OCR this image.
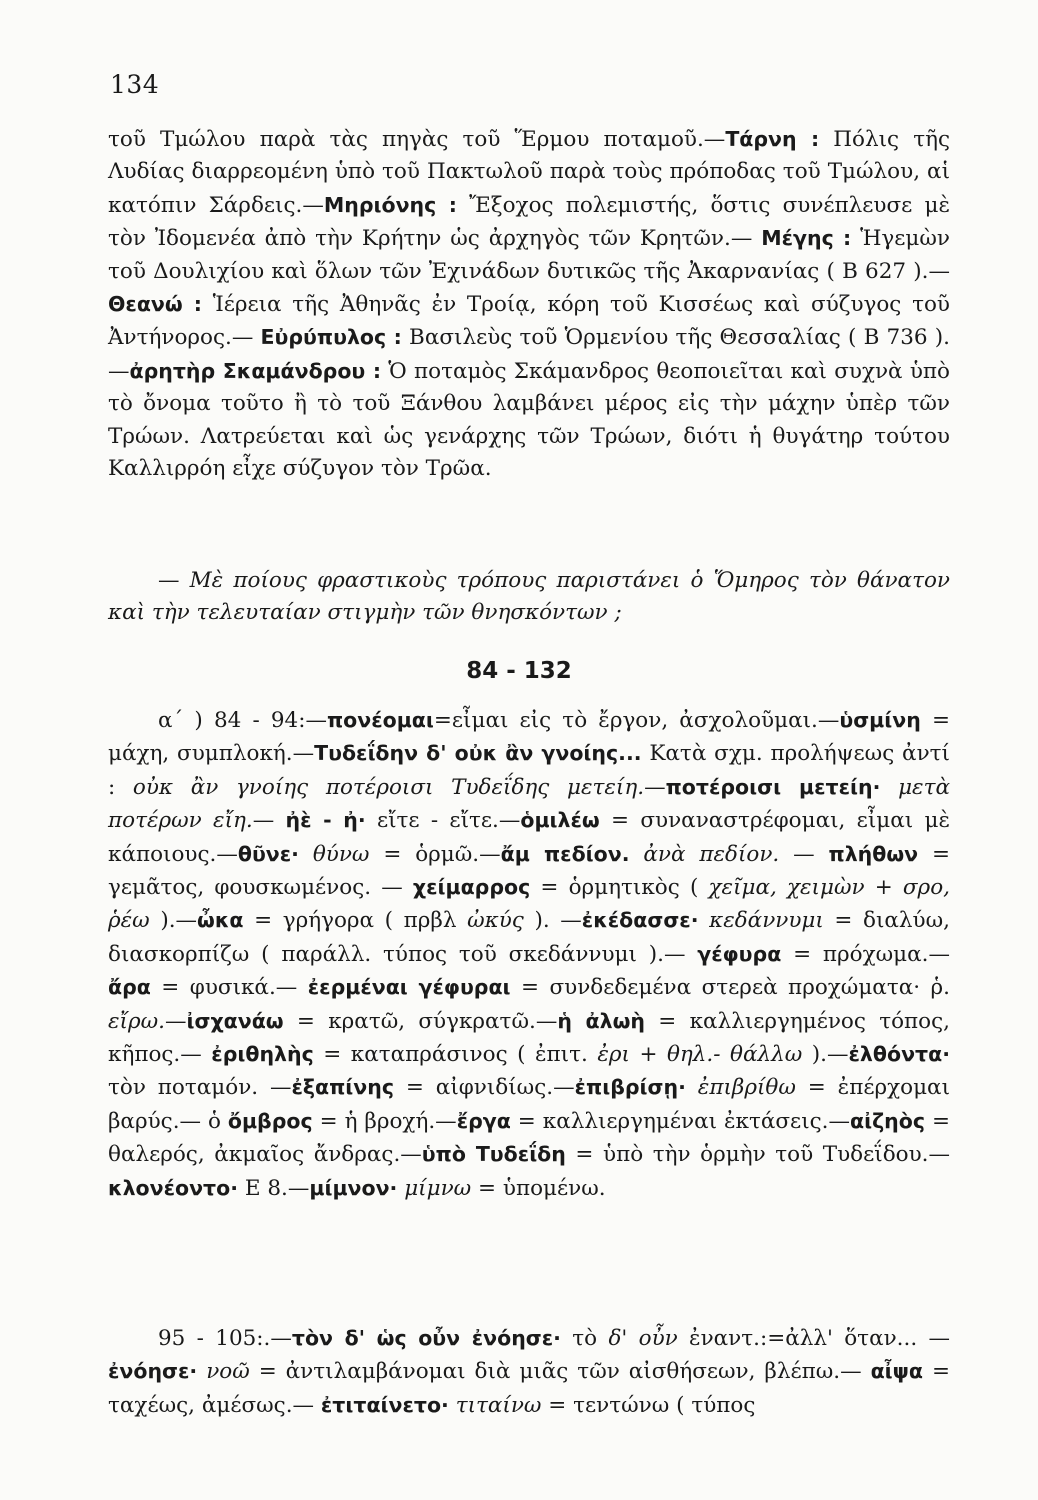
134

τοῦ Τμώλου παρὰ τὰς πηγὰς τοῦ Ἕρμου ποταμοῦ.—Τάρνη : Πόλις τῆς Λυδίας διαρρεομένη ὑπὸ τοῦ Πακτωλοῦ παρὰ τοὺς πρόποδας τοῦ Τμώλου, αἱ κατόπιν Σάρδεις.—Μηριόνης : Ἔξοχος πολεμιστής, ὅστις συνέπλευσε μὲ τὸν Ἰδομενέα ἀπὸ τὴν Κρήτην ὡς ἀρχηγὸς τῶν Κρητῶν.— Μέγης : Ἡγεμὼν τοῦ Δουλιχίου καὶ ὅλων τῶν Ἐχινάδων δυτικῶς τῆς Ἀκαρνανίας ( Β 627 ).—Θεανώ : Ἱέρεια τῆς Ἀθηνᾶς ἐν Τροίᾳ, κόρη τοῦ Κισσέως καὶ σύζυγος τοῦ Ἀντήνορος.— Εὐρύπυλος : Βασιλεὺς τοῦ Ὁρμενίου τῆς Θεσσαλίας ( Β 736 ).—ἀρητὴρ Σκαμάνδρου : Ὁ ποταμὸς Σκάμανδρος θεοποιεῖται καὶ συχνὰ ὑπὸ τὸ ὄνομα τοῦτο ἢ τὸ τοῦ Ξάνθου λαμβάνει μέρος εἰς τὴν μάχην ὑπὲρ τῶν Τρώων. Λατρεύεται καὶ ὡς γενάρχης τῶν Τρώων, διότι ἡ θυγάτηρ τούτου Καλλιρρόη εἶχε σύζυγον τὸν Τρῶα.

— Μὲ ποίους φραστικοὺς τρόπους παριστάνει ὁ Ὅμηρος τὸν θάνατον καὶ τὴν τελευταίαν στιγμὴν τῶν θνησκόντων ;

84 - 132

α΄ ) 84 - 94:—πονέομαι=εἶμαι εἰς τὸ ἔργον, ἀσχολοῦμαι.—ὑσμίνη = μάχη, συμπλοκή.—Τυδεΐδην δ' οὐκ ἂν γνοίης... Κατὰ σχμ. προλήψεως ἀντί : οὐκ ἂν γνοίης ποτέροισι Τυδεΐδης μετείη.—ποτέροισι μετείη· μετὰ ποτέρων εἴη.— ἠὲ - ἠ· εἴτε - εἴτε.—ὁμιλέω = συναναστρέφομαι, εἶμαι μὲ κάποιους.—θῦνε· θύνω = ὁρμῶ.—ἄμ πεδίον. ἀνὰ πεδίον. — πλήθων = γεμᾶτος, φουσκωμένος. — χείμαρρος = ὁρμητικὸς ( χεῖμα, χειμὼν + σρο, ῥέω ).—ὦκα = γρήγορα ( πρβλ ὠκύς ). —ἐκέδασσε· κεδάννυμι = διαλύω, διασκορπίζω ( παράλλ. τύπος τοῦ σκεδάννυμι ).— γέφυρα = πρόχωμα.— ἄρα = φυσικά.— ἐερμέναι γέφυραι = συνδεδεμένα στερεὰ προχώματα· ῥ. εἴρω.—ἰσχανάω = κρατῶ, σύγκρατῶ.—ἡ ἀλωὴ = καλλιεργημένος τόπος, κῆπος.— ἐριθηλὴς = καταπράσινος ( ἐπιτ. ἐρι + θηλ.- θάλλω ).—ἐλθόντα· τὸν ποταμόν. —ἐξαπίνης = αἰφνιδίως.—ἐπιβρίσῃ· ἐπιβρίθω = ἐπέρχομαι βαρύς.— ὁ ὄμβρος = ἡ βροχή.—ἔργα = καλλιεργημέναι ἐκτάσεις.—αἰζηὸς = θαλερός, ἀκμαῖος ἄνδρας.—ὑπὸ Τυδεΐδη = ὑπὸ τὴν ὁρμὴν τοῦ Τυδεΐδου.—κλονέοντο· Ε 8.—μίμνον· μίμνω = ὑπομένω.

95 - 105:.—τὸν δ' ὡς οὖν ἐνόησε· τὸ δ' οὖν ἐναντ.:=ἀλλ' ὅταν... —ἐνόησε· νοῶ = ἀντιλαμβάνομαι διὰ μιᾶς τῶν αἰσθήσεων, βλέπω.— αἶψα = ταχέως, ἀμέσως.— ἐτιταίνετο· τιταίνω = τεντώνω ( τύπος
